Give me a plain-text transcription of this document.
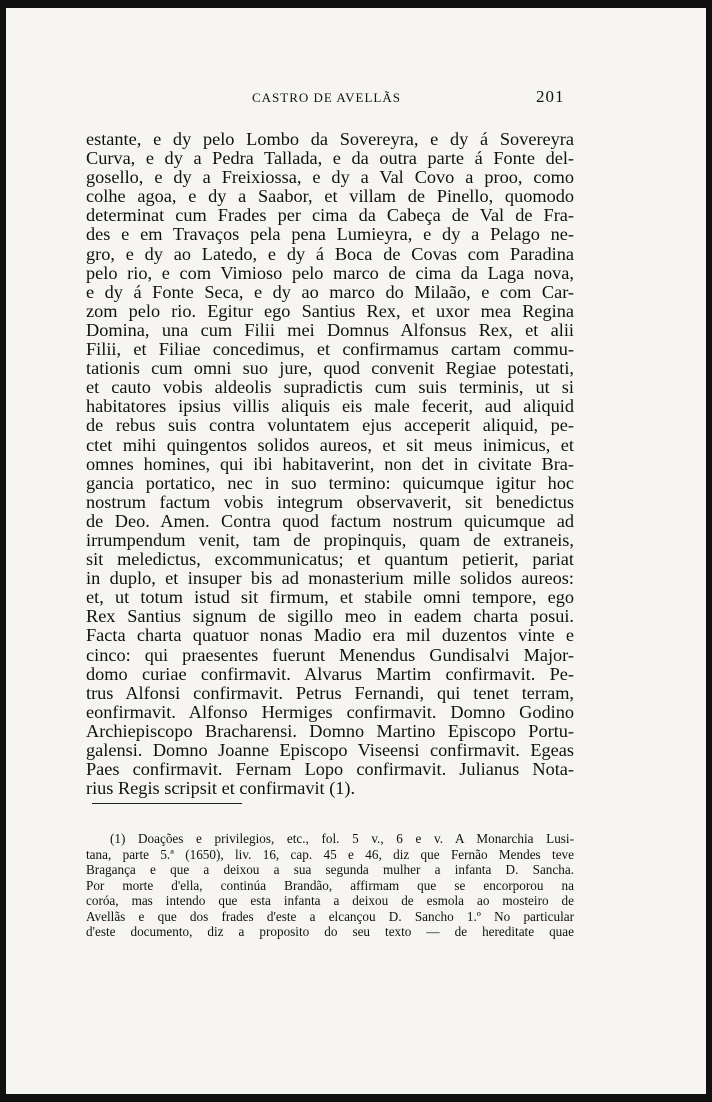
CASTRO DE AVELLÃS	201
estante, e dy pelo Lombo da Sovereyra, e dy á Sovereyra
Curva, e dy a Pedra Tallada, e da outra parte á Fonte del-
gosello, e dy a Freixiossa, e dy a Val Covo a proo, como
colhe agoa, e dy a Saabor, et villam de Pinello, quomodo
determinat cum Frades per cima da Cabeça de Val de Fra-
des e em Travaços pela pena Lumieyra, e dy a Pelago ne-
gro, e dy ao Latedo, e dy á Boca de Covas com Paradina
pelo rio, e com Vimioso pelo marco de cima da Laga nova,
e dy á Fonte Seca, e dy ao marco do Milaão, e com Car-
zom pelo rio. Egitur ego Santius Rex, et uxor mea Regina
Domina, una cum Filii mei Domnus Alfonsus Rex, et alii
Filii, et Filiae concedimus, et confirmamus cartam commu-
tationis cum omni suo jure, quod convenit Regiae potestati,
et cauto vobis aldeolis supradictis cum suis terminis, ut si
habitatores ipsius villis aliquis eis male fecerit, aud aliquid
de rebus suis contra voluntatem ejus acceperit aliquid, pe-
ctet mihi quingentos solidos aureos, et sit meus inimicus, et
omnes homines, qui ibi habitaverint, non det in civitate Bra-
gancia portatico, nec in suo termino: quicumque igitur hoc
nostrum factum vobis integrum observaverit, sit benedictus
de Deo. Amen. Contra quod factum nostrum quicumque ad
irrumpendum venit, tam de propinquis, quam de extraneis,
sit meledictus, excommunicatus; et quantum petierit, pariat
in duplo, et insuper bis ad monasterium mille solidos aureos:
et, ut totum istud sit firmum, et stabile omni tempore, ego
Rex Santius signum de sigillo meo in eadem charta posui.
Facta charta quatuor nonas Madio era mil duzentos vinte e
cinco: qui praesentes fuerunt Menendus Gundisalvi Major-
domo curiae confirmavit. Alvarus Martim confirmavit. Pe-
trus Alfonsi confirmavit. Petrus Fernandi, qui tenet terram,
eonfirmavit. Alfonso Hermiges confirmavit. Domno Godino
Archiepiscopo Bracharensi. Domno Martino Episcopo Portu-
galensi. Domno Joanne Episcopo Viseensi confirmavit. Egeas
Paes confirmavit. Fernam Lopo confirmavit. Julianus Nota-
rius Regis scripsit et confirmavit (1).
(1) Doações e privilegios, etc., fol. 5 v., 6 e v. A Monarchia Lusi-
tana, parte 5.ª (1650), liv. 16, cap. 45 e 46, diz que Fernão Mendes teve
Bragança e que a deixou a sua segunda mulher a infanta D. Sancha.
Por morte d'ella, continúa Brandão, affirmam que se encorporou na
coróa, mas intendo que esta infanta a deixou de esmola ao mosteiro de
Avellãs e que dos frades d'este a elcançou D. Sancho 1.º No particular
d'este documento, diz a proposito do seu texto — de hereditate quae
